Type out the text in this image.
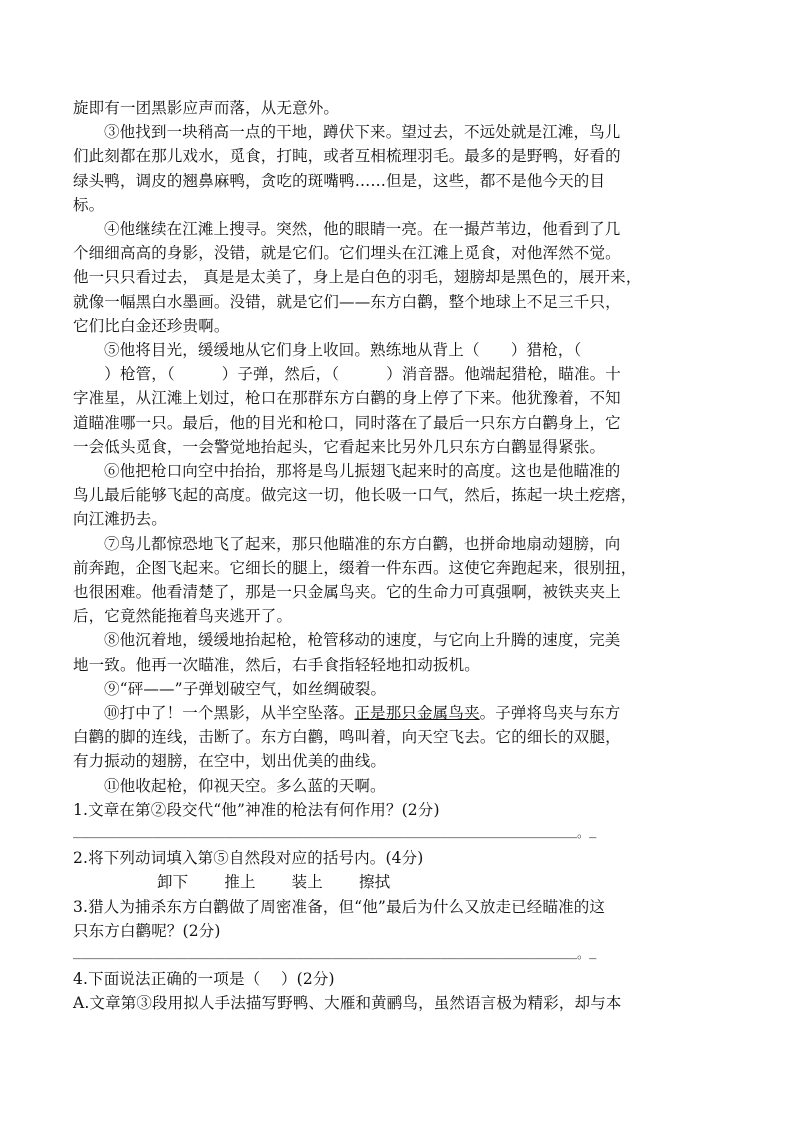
旋即有一团黑影应声而落，从无意外。
③他找到一块稍高一点的干地，蹲伏下来。望过去，不远处就是江滩，鸟儿
们此刻都在那儿戏水，觅食，打盹，或者互相梳理羽毛。最多的是野鸭，好看的
绿头鸭，调皮的翘鼻麻鸭，贪吃的斑嘴鸭……但是，这些，都不是他今天的目
标。
④他继续在江滩上搜寻。突然，他的眼睛一亮。在一撮芦苇边，他看到了几
个细细高高的身影，没错，就是它们。它们埋头在江滩上觅食，对他浑然不觉。
他一只只看过去， 真是是太美了，身上是白色的羽毛，翅膀却是黑色的，展开来，
就像一幅黑白水墨画。没错，就是它们——东方白鹳，整个地球上不足三千只，
它们比白金还珍贵啊。
⑤他将目光，缓缓地从它们身上收回。熟练地从背上（　　）猎枪，（
　　）枪管，（　　　）子弹，然后，（　　　）消音器。他端起猎枪，瞄准。十
字准星，从江滩上划过，枪口在那群东方白鹳的身上停了下来。他犹豫着，不知
道瞄准哪一只。最后，他的目光和枪口，同时落在了最后一只东方白鹳身上，它
一会低头觅食，一会警觉地抬起头，它看起来比另外几只东方白鹳显得紧张。
⑥他把枪口向空中抬抬，那将是鸟儿振翅飞起来时的高度。这也是他瞄准的
鸟儿最后能够飞起的高度。做完这一切，他长吸一口气，然后，拣起一块土疙瘩，
向江滩扔去。
⑦鸟儿都惊恐地飞了起来，那只他瞄准的东方白鹳，也拼命地扇动翅膀，向
前奔跑，企图飞起来。它细长的腿上，缀着一件东西。这使它奔跑起来，很别扭，
也很困难。他看清楚了，那是一只金属鸟夹。它的生命力可真强啊，被铁夹夹上
后，它竟然能拖着鸟夹逃开了。
⑧他沉着地，缓缓地抬起枪，枪管移动的速度，与它向上升腾的速度，完美
地一致。他再一次瞄准，然后，右手食指轻轻地扣动扳机。
⑨“砰——”子弹划破空气，如丝绸破裂。
⑩打中了！一个黑影，从半空坠落。正是那只金属鸟夹。子弹将鸟夹与东方
白鹳的脚的连线，击断了。东方白鹳，鸣叫着，向天空飞去。它的细长的双腿，
有力振动的翅膀，在空中，划出优美的曲线。
⑪他收起枪，仰视天空。多么蓝的天啊。
1.文章在第②段交代“他”神准的枪法有何作用？(2分)
______________________________________________________________________。_
2.将下列动词填入第⑤自然段对应的括号内。(4分)
卸下 推上 装上 擦拭
3.猎人为捕杀东方白鹳做了周密准备，但“他”最后为什么又放走已经瞄准的这
只东方白鹳呢？(2分)
______________________________________________________________________。_
4.下面说法正确的一项是（　 ）(2分)
A.文章第③段用拟人手法描写野鸭、大雁和黄鹂鸟，虽然语言极为精彩，却与本
